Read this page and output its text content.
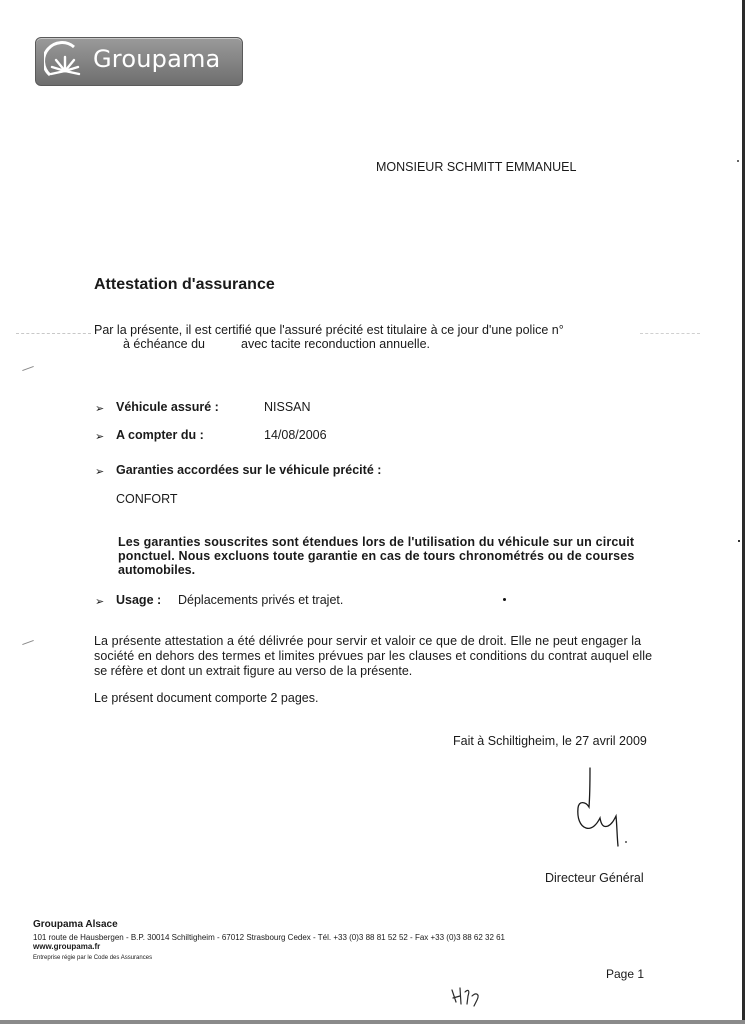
Groupama
MONSIEUR SCHMITT EMMANUEL
Attestation d'assurance
Par la présente, il est certifié que l'assuré précité est titulaire à ce jour d'une police n°
à échéance du	avec tacite reconduction annuelle.
➢ Véhicule assuré :	NISSAN
➢ A compter du :	14/08/2006
➢ Garanties accordées sur le véhicule précité :
CONFORT
Les garanties souscrites sont étendues lors de l'utilisation du véhicule sur un circuit
ponctuel. Nous excluons toute garantie en cas de tours chronométrés ou de courses
automobiles.
➢ Usage : Déplacements privés et trajet.
La présente attestation a été délivrée pour servir et valoir ce que de droit. Elle ne peut engager la
société en dehors des termes et limites prévues par les clauses et conditions du contrat auquel elle
se réfère et dont un extrait figure au verso de la présente.
Le présent document comporte 2 pages.
Fait à Schiltigheim, le 27 avril 2009
Directeur Général
Groupama Alsace
101 route de Hausbergen - B.P. 30014 Schiltigheim - 67012 Strasbourg Cedex - Tél. +33 (0)3 88 81 52 52 - Fax +33 (0)3 88 62 32 61
www.groupama.fr
Entreprise régie par le Code des Assurances
Page 1
